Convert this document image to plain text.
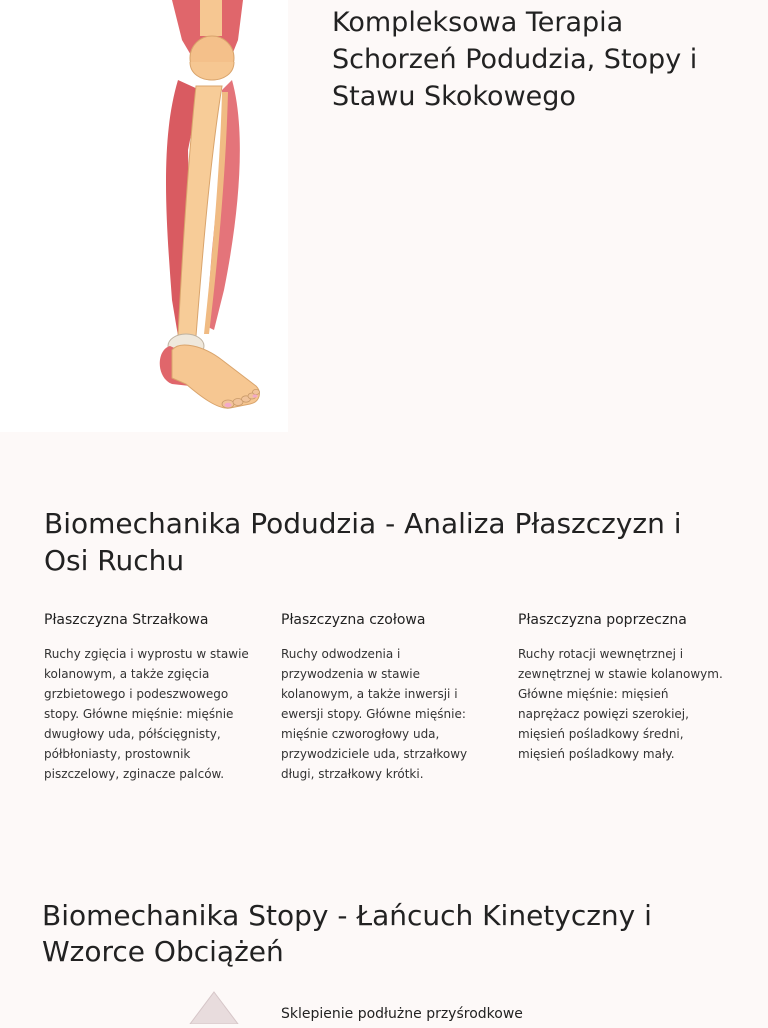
Kompleksowa Terapia Schorzeń Podudzia, Stopy i Stawu Skokowego
Biomechanika Podudzia - Analiza Płaszczyzn i Osi Ruchu
Płaszczyzna Strzałkowa

Ruchy zgięcia i wyprostu w stawie kolanowym, a także zgięcia grzbietowego i podeszwowego stopy. Główne mięśnie: mięśnie dwugłowy uda, półścięgnisty, półbłoniasty, prostownik piszczelowy, zginacze palców.

Płaszczyzna czołowa

Ruchy odwodzenia i przywodzenia w stawie kolanowym, a także inwersji i ewersji stopy. Główne mięśnie: mięśnie czworogłowy uda, przywodziciele uda, strzałkowy długi, strzałkowy krótki.

Płaszczyzna poprzeczna

Ruchy rotacji wewnętrznej i zewnętrznej w stawie kolanowym. Główne mięśnie: mięsień naprężacz powięzi szerokiej, mięsień pośladkowy średni, mięsień pośladkowy mały.

Biomechanika Stopy - Łańcuch Kinetyczny i Wzorce Obciążeń
Sklepienie podłużne przyśrodkowe
